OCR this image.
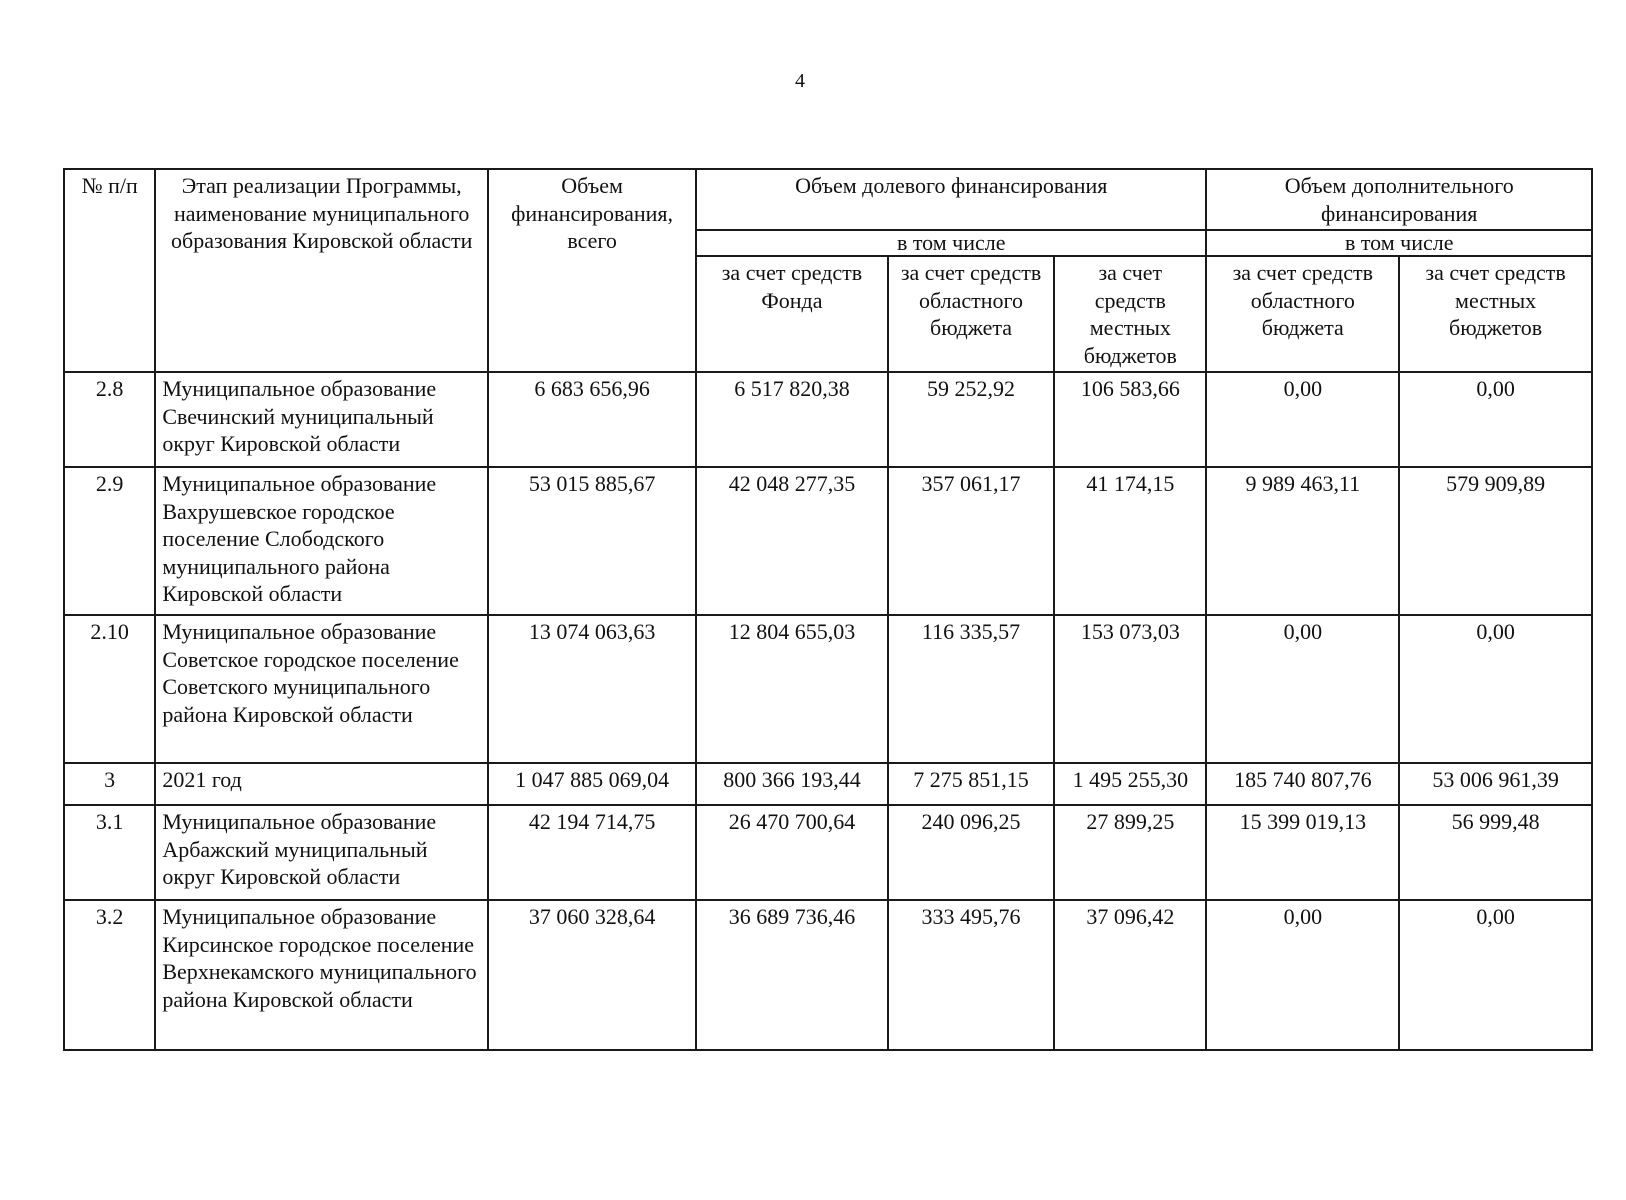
4
№ п/п	Этап реализации Программы, наименование муниципального образования Кировской области	Объем финансирования, всего	Объем долевого финансирования			Объем дополнительного финансирования	
			в том числе			в том числе	
			за счет средств Фонда	за счет средств областного бюджета	за счет средств местных бюджетов	за счет средств областного бюджета	за счет средств местных бюджетов
2.8	Муниципальное образование Свечинский муниципальный округ Кировской области	6 683 656,96	6 517 820,38	59 252,92	106 583,66	0,00	0,00
2.9	Муниципальное образование Вахрушевское городское поселение Слободского муниципального района Кировской области	53 015 885,67	42 048 277,35	357 061,17	41 174,15	9 989 463,11	579 909,89
2.10	Муниципальное образование Советское городское поселение Советского муниципального района Кировской области	13 074 063,63	12 804 655,03	116 335,57	153 073,03	0,00	0,00
3	2021 год	1 047 885 069,04	800 366 193,44	7 275 851,15	1 495 255,30	185 740 807,76	53 006 961,39
3.1	Муниципальное образование Арбажский муниципальный округ Кировской области	42 194 714,75	26 470 700,64	240 096,25	27 899,25	15 399 019,13	56 999,48
3.2	Муниципальное образование Кирсинское городское поселение Верхнекамского муниципального района Кировской области	37 060 328,64	36 689 736,46	333 495,76	37 096,42	0,00	0,00
